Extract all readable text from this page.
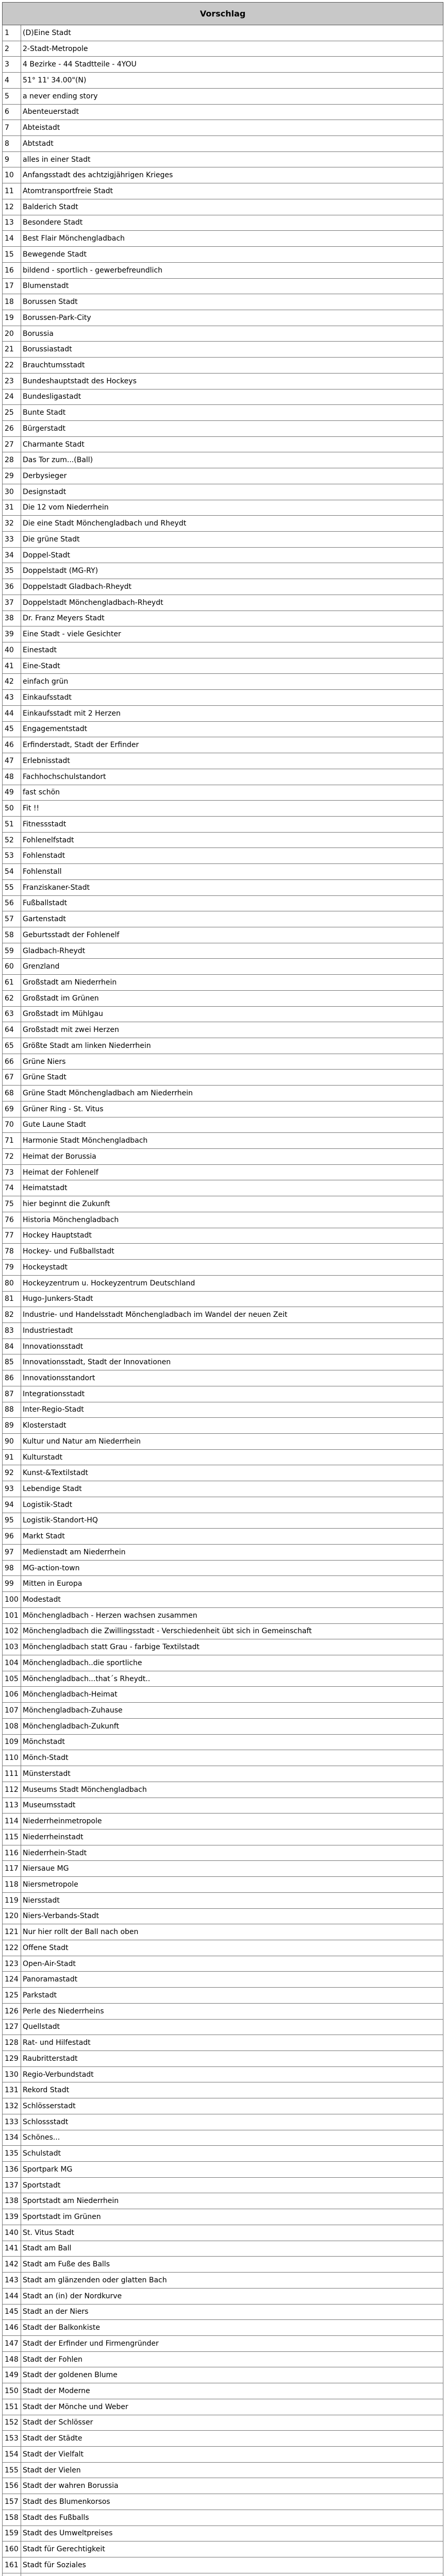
Vorschlag	
1	(D)Eine Stadt
2	2-Stadt-Metropole
3	4 Bezirke - 44 Stadtteile - 4YOU
4	51° 11' 34.00"(N)
5	a never ending story
6	Abenteuerstadt
7	Abteistadt
8	Abtstadt
9	alles in einer Stadt
10	Anfangsstadt des achtzigjährigen Krieges
11	Atomtransportfreie Stadt
12	Balderich Stadt
13	Besondere Stadt
14	Best Flair Mönchengladbach
15	Bewegende Stadt
16	bildend - sportlich - gewerbefreundlich
17	Blumenstadt
18	Borussen Stadt
19	Borussen-Park-City
20	Borussia
21	Borussiastadt
22	Brauchtumsstadt
23	Bundeshauptstadt des Hockeys
24	Bundesligastadt
25	Bunte Stadt
26	Bürgerstadt
27	Charmante Stadt
28	Das Tor zum...(Ball)
29	Derbysieger
30	Designstadt
31	Die 12 vom Niederrhein
32	Die eine Stadt Mönchengladbach und Rheydt
33	Die grüne Stadt
34	Doppel-Stadt
35	Doppelstadt (MG-RY)
36	Doppelstadt Gladbach-Rheydt
37	Doppelstadt Mönchengladbach-Rheydt
38	Dr. Franz Meyers Stadt
39	Eine Stadt - viele Gesichter
40	Einestadt
41	Eine-Stadt
42	einfach grün
43	Einkaufsstadt
44	Einkaufsstadt mit 2 Herzen
45	Engagementstadt
46	Erfinderstadt, Stadt der Erfinder
47	Erlebnisstadt
48	Fachhochschulstandort
49	fast schön
50	Fit !!
51	Fitnessstadt
52	Fohlenelfstadt
53	Fohlenstadt
54	Fohlenstall
55	Franziskaner-Stadt
56	Fußballstadt
57	Gartenstadt
58	Geburtsstadt der Fohlenelf
59	Gladbach-Rheydt
60	Grenzland
61	Großstadt am Niederrhein
62	Großstadt im Grünen
63	Großstadt im Mühlgau
64	Großstadt mit zwei Herzen
65	Größte Stadt am linken Niederrhein
66	Grüne Niers
67	Grüne Stadt
68	Grüne Stadt Mönchengladbach am Niederrhein
69	Grüner Ring - St. Vitus
70	Gute Laune Stadt
71	Harmonie Stadt Mönchengladbach
72	Heimat der Borussia
73	Heimat der Fohlenelf
74	Heimatstadt
75	hier beginnt die Zukunft
76	Historia Mönchengladbach
77	Hockey Hauptstadt
78	Hockey- und Fußballstadt
79	Hockeystadt
80	Hockeyzentrum u. Hockeyzentrum Deutschland
81	Hugo-Junkers-Stadt
82	Industrie- und Handelsstadt Mönchengladbach im Wandel der neuen Zeit
83	Industriestadt
84	Innovationsstadt
85	Innovationsstadt, Stadt der Innovationen
86	Innovationsstandort
87	Integrationsstadt
88	Inter-Regio-Stadt
89	Klosterstadt
90	Kultur und Natur am Niederrhein
91	Kulturstadt
92	Kunst-&Textilstadt
93	Lebendige Stadt
94	Logistik-Stadt
95	Logistik-Standort-HQ
96	Markt Stadt
97	Medienstadt am Niederrhein
98	MG-action-town
99	Mitten in Europa
100	Modestadt
101	Mönchengladbach - Herzen wachsen zusammen
102	Mönchengladbach die Zwillingsstadt - Verschiedenheit übt sich in Gemeinschaft
103	Mönchengladbach statt Grau - farbige Textilstadt
104	Mönchengladbach..die sportliche
105	Mönchengladbach...that´s Rheydt..
106	Mönchengladbach-Heimat
107	Mönchengladbach-Zuhause
108	Mönchengladbach-Zukunft
109	Mönchstadt
110	Mönch-Stadt
111	Münsterstadt
112	Museums Stadt Mönchengladbach
113	Museumsstadt
114	Niederrheinmetropole
115	Niederrheinstadt
116	Niederrhein-Stadt
117	Niersaue MG
118	Niersmetropole
119	Niersstadt
120	Niers-Verbands-Stadt
121	Nur hier rollt der Ball nach oben
122	Offene Stadt
123	Open-Air-Stadt
124	Panoramastadt
125	Parkstadt
126	Perle des Niederrheins
127	Quellstadt
128	Rat- und Hilfestadt
129	Raubritterstadt
130	Regio-Verbundstadt
131	Rekord Stadt
132	Schlösserstadt
133	Schlossstadt
134	Schönes...
135	Schulstadt
136	Sportpark MG
137	Sportstadt
138	Sportstadt am Niederrhein
139	Sportstadt im Grünen
140	St. Vitus Stadt
141	Stadt am Ball
142	Stadt am Fuße des Balls
143	Stadt am glänzenden oder glatten Bach
144	Stadt an (in) der Nordkurve
145	Stadt an der Niers
146	Stadt der Balkonkiste
147	Stadt der Erfinder und Firmengründer
148	Stadt der Fohlen
149	Stadt der goldenen Blume
150	Stadt der Moderne
151	Stadt der Mönche und Weber
152	Stadt der Schlösser
153	Stadt der Städte
154	Stadt der Vielfalt
155	Stadt der Vielen
156	Stadt der wahren Borussia
157	Stadt des Blumenkorsos
158	Stadt des Fußballs
159	Stadt des Umweltpreises
160	Stadt für Gerechtigkeit
161	Stadt für Soziales
